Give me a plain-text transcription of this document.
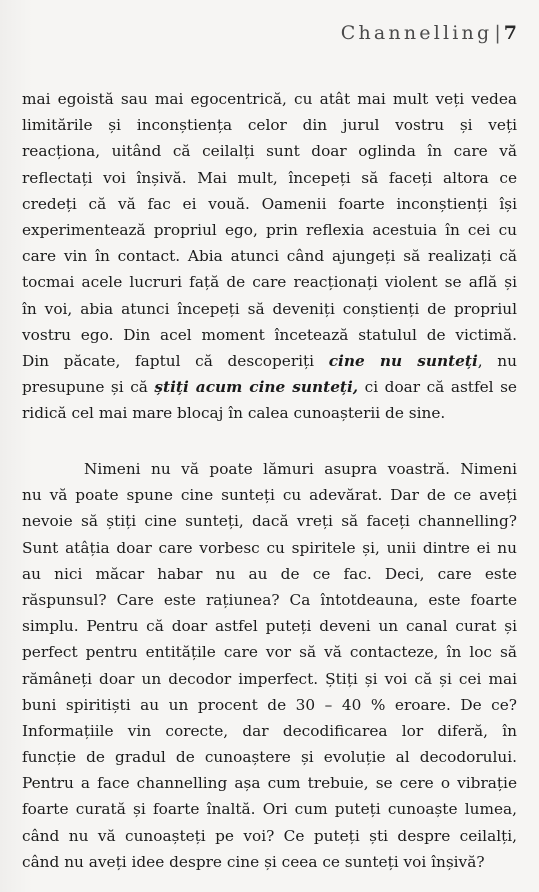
Channelling | 7
mai egoistă sau mai egocentrică, cu atât mai mult veți vedea
limitările și inconștiența celor din jurul vostru și veți
reacționa, uitând că ceilalți sunt doar oglinda în care vă
reflectați voi înșivă. Mai mult, începeți să faceți altora ce
credeți că vă fac ei vouă. Oamenii foarte inconștienți își
experimentează propriul ego, prin reflexia acestuia în cei cu
care vin în contact. Abia atunci când ajungeți să realizați că
tocmai acele lucruri față de care reacționați violent se află și
în voi, abia atunci începeți să deveniți conștienți de propriul
vostru ego. Din acel moment încetează statulul de victimă.
Din păcate, faptul că descoperiți cine nu sunteți, nu
presupune și că știți acum cine sunteți, ci doar că astfel se
ridică cel mai mare blocaj în calea cunoașterii de sine.
Nimeni nu vă poate lămuri asupra voastră. Nimeni
nu vă poate spune cine sunteți cu adevărat. Dar de ce aveți
nevoie să știți cine sunteți, dacă vreți să faceți channelling?
Sunt atâția doar care vorbesc cu spiritele și, unii dintre ei nu
au nici măcar habar nu au de ce fac. Deci, care este
răspunsul? Care este rațiunea? Ca întotdeauna, este foarte
simplu. Pentru că doar astfel puteți deveni un canal curat și
perfect pentru entitățile care vor să vă contacteze, în loc să
rămâneți doar un decodor imperfect. Știți și voi că și cei mai
buni spiritiști au un procent de 30 – 40 % eroare. De ce?
Informațiile vin corecte, dar decodificarea lor diferă, în
funcție de gradul de cunoaștere și evoluție al decodorului.
Pentru a face channelling așa cum trebuie, se cere o vibrație
foarte curată și foarte înaltă. Ori cum puteți cunoaște lumea,
când nu vă cunoașteți pe voi? Ce puteți ști despre ceilalți,
când nu aveți idee despre cine și ceea ce sunteți voi înșivă?
